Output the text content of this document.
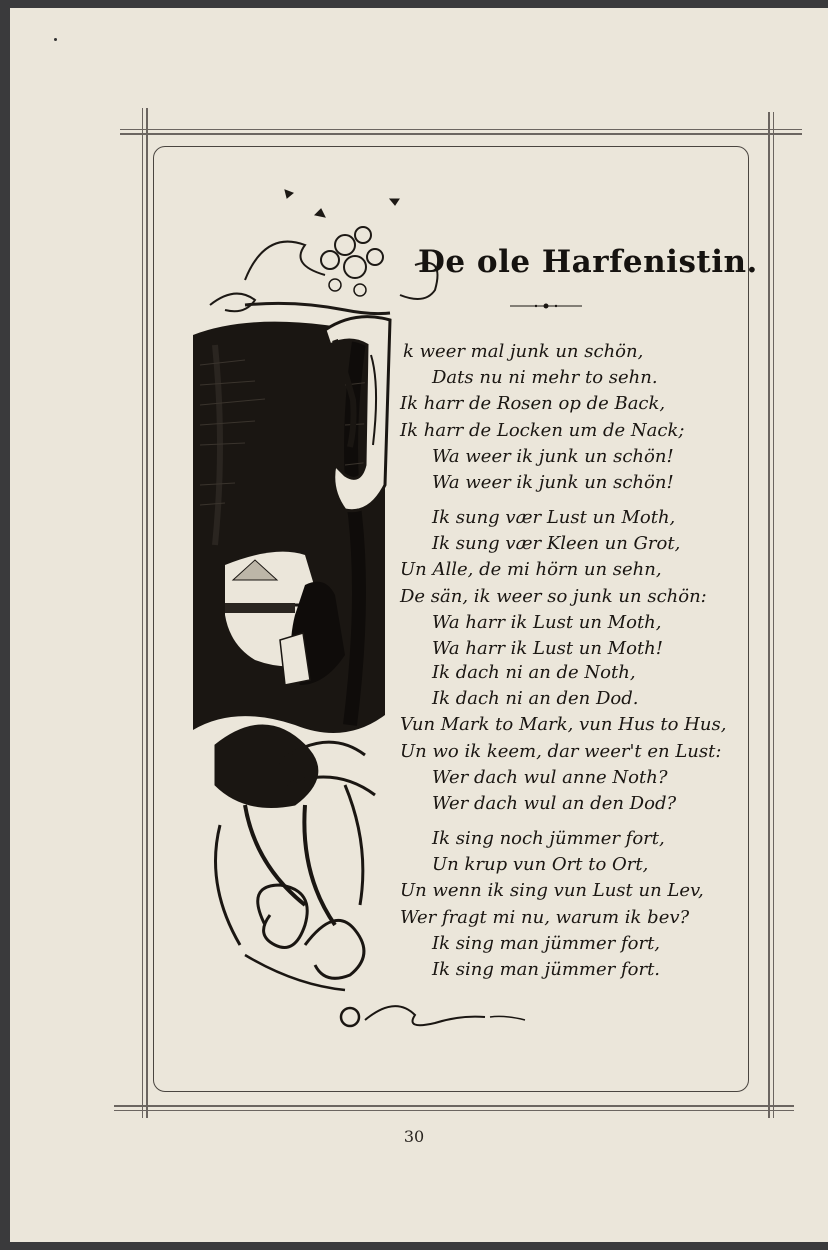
De ole Harfenistin.
k weer mal junk un schön,
Dats nu ni mehr to sehn.
Ik harr de Rosen op de Back,
Ik harr de Locken um de Nack;
Wa weer ik junk un schön!
Wa weer ik junk un schön!
Ik sung vær Lust un Moth,
Ik sung vær Kleen un Grot,
Un Alle, de mi hörn un sehn,
De sän, ik weer so junk un schön:
Wa harr ik Lust un Moth,
Wa harr ik Lust un Moth!
Ik dach ni an de Noth,
Ik dach ni an den Dod.
Vun Mark to Mark, vun Hus to Hus,
Un wo ik keem, dar weer't en Lust:
Wer dach wul anne Noth?
Wer dach wul an den Dod?
Ik sing noch jümmer fort,
Un krup vun Ort to Ort,
Un wenn ik sing vun Lust un Lev,
Wer fragt mi nu, warum ik bev?
Ik sing man jümmer fort,
Ik sing man jümmer fort.
30
